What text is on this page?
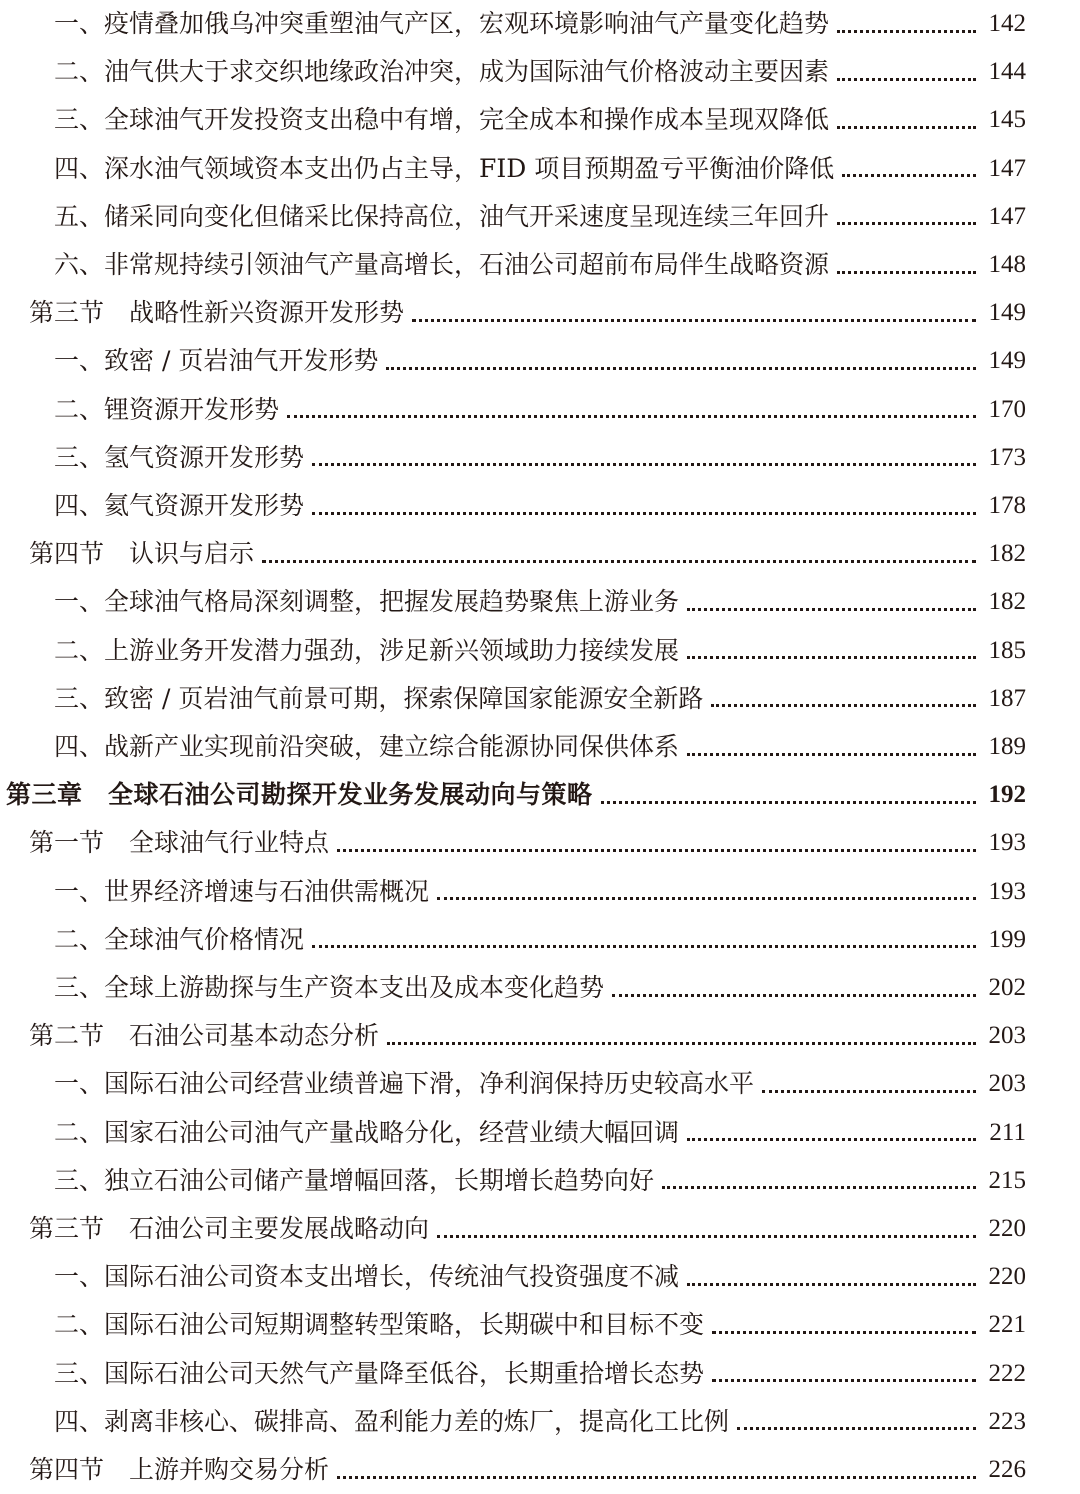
一、疫情叠加俄乌冲突重塑油气产区，宏观环境影响油气产量变化趋势	142
二、油气供大于求交织地缘政治冲突，成为国际油气价格波动主要因素	144
三、全球油气开发投资支出稳中有增，完全成本和操作成本呈现双降低	145
四、深水油气领域资本支出仍占主导，FID 项目预期盈亏平衡油价降低	147
五、储采同向变化但储采比保持高位，油气开采速度呈现连续三年回升	147
六、非常规持续引领油气产量高增长，石油公司超前布局伴生战略资源	148
第三节　战略性新兴资源开发形势	149
一、致密 / 页岩油气开发形势	149
二、锂资源开发形势	170
三、氢气资源开发形势	173
四、氦气资源开发形势	178
第四节　认识与启示	182
一、全球油气格局深刻调整，把握发展趋势聚焦上游业务	182
二、上游业务开发潜力强劲，涉足新兴领域助力接续发展	185
三、致密 / 页岩油气前景可期，探索保障国家能源安全新路	187
四、战新产业实现前沿突破，建立综合能源协同保供体系	189
第三章　全球石油公司勘探开发业务发展动向与策略	192
第一节　全球油气行业特点	193
一、世界经济增速与石油供需概况	193
二、全球油气价格情况	199
三、全球上游勘探与生产资本支出及成本变化趋势	202
第二节　石油公司基本动态分析	203
一、国际石油公司经营业绩普遍下滑，净利润保持历史较高水平	203
二、国家石油公司油气产量战略分化，经营业绩大幅回调	211
三、独立石油公司储产量增幅回落，长期增长趋势向好	215
第三节　石油公司主要发展战略动向	220
一、国际石油公司资本支出增长，传统油气投资强度不减	220
二、国际石油公司短期调整转型策略，长期碳中和目标不变	221
三、国际石油公司天然气产量降至低谷，长期重拾增长态势	222
四、剥离非核心、碳排高、盈利能力差的炼厂，提高化工比例	223
第四节　上游并购交易分析	226
